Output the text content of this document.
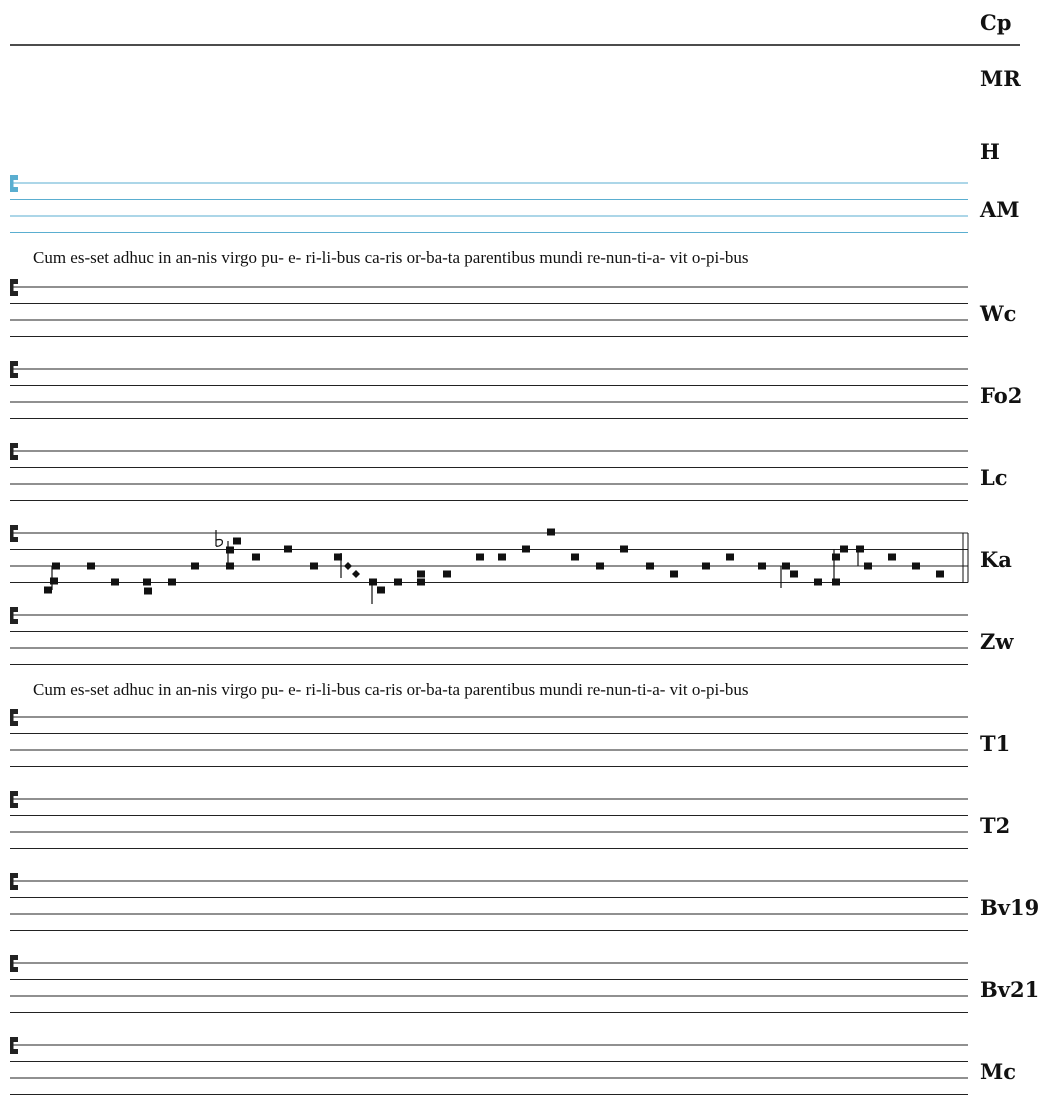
Cp
MR
H
AM
Wc
Fo2
Lc
Ka
Zw
T1
T2
Bv19
Bv21
Mc
Cum es-set adhuc in an-nis virgo pu- e- ri-li-bus ca-ris or-ba-ta parentibus mundi re-nun-ti-a- vit o-pi-bus
Cum es-set adhuc in an-nis virgo pu- e- ri-li-bus ca-ris or-ba-ta parentibus mundi re-nun-ti-a- vit o-pi-bus
